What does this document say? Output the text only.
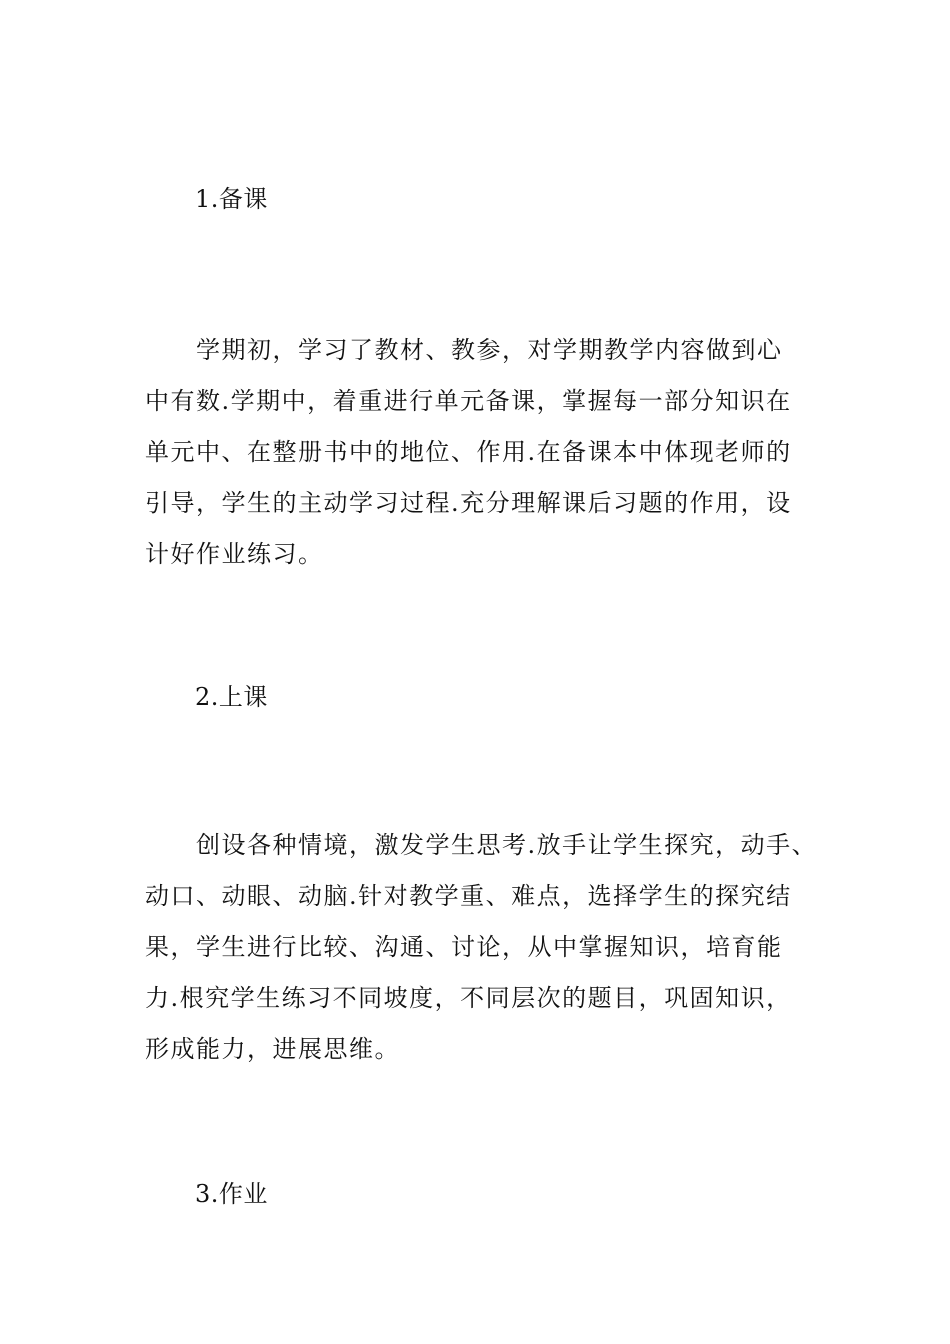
1.备课
　　学期初，学习了教材、教参，对学期教学内容做到心
中有数.学期中，着重进行单元备课，掌握每一部分知识在
单元中、在整册书中的地位、作用.在备课本中体现老师的
引导，学生的主动学习过程.充分理解课后习题的作用，设
计好作业练习。
2.上课
　　创设各种情境，激发学生思考.放手让学生探究，动手、
动口、动眼、动脑.针对教学重、难点，选择学生的探究结
果，学生进行比较、沟通、讨论，从中掌握知识，培育能
力.根究学生练习不同坡度，不同层次的题目，巩固知识，
形成能力，进展思维。
3.作业
